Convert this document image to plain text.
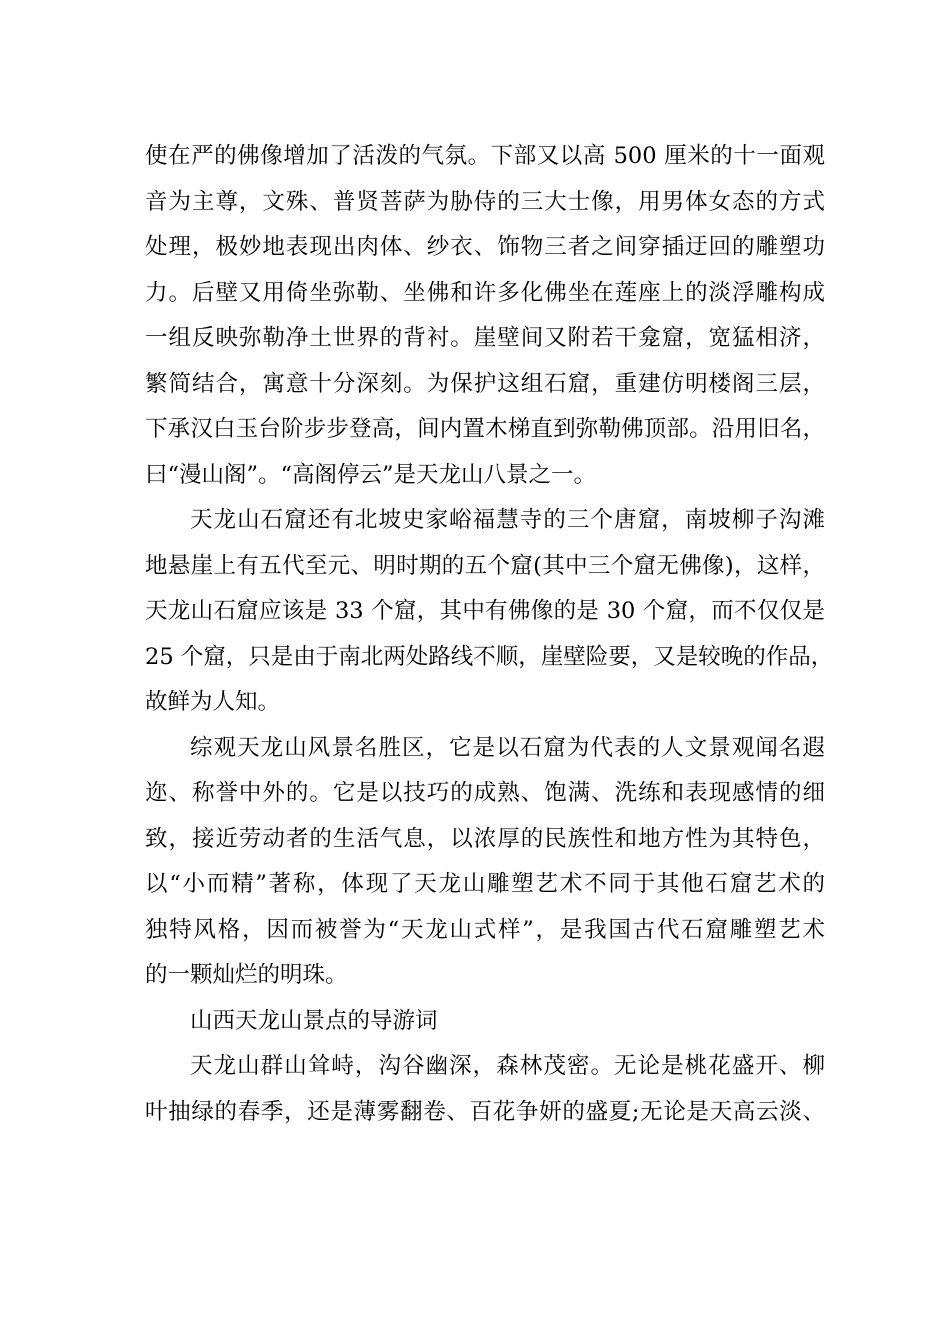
使在严的佛像增加了活泼的气氛。下部又以高 500 厘米的十一面观
音为主尊，文殊、普贤菩萨为胁侍的三大士像，用男体女态的方式
处理，极妙地表现出肉体、纱衣、饰物三者之间穿插迂回的雕塑功
力。后壁又用倚坐弥勒、坐佛和许多化佛坐在莲座上的淡浮雕构成
一组反映弥勒净土世界的背衬。崖壁间又附若干龛窟，宽猛相济，
繁简结合，寓意十分深刻。为保护这组石窟，重建仿明楼阁三层，
下承汉白玉台阶步步登高，间内置木梯直到弥勒佛顶部。沿用旧名，
曰“漫山阁”。“高阁停云”是天龙山八景之一。
天龙山石窟还有北坡史家峪福慧寺的三个唐窟，南坡柳子沟滩
地悬崖上有五代至元、明时期的五个窟(其中三个窟无佛像)，这样，
天龙山石窟应该是 33 个窟，其中有佛像的是 30 个窟，而不仅仅是
25 个窟，只是由于南北两处路线不顺，崖壁险要，又是较晚的作品，
故鲜为人知。
综观天龙山风景名胜区，它是以石窟为代表的人文景观闻名遐
迩、称誉中外的。它是以技巧的成熟、饱满、洗练和表现感情的细
致，接近劳动者的生活气息，以浓厚的民族性和地方性为其特色，
以“小而精”著称，体现了天龙山雕塑艺术不同于其他石窟艺术的
独特风格，因而被誉为“天龙山式样”，是我国古代石窟雕塑艺术
的一颗灿烂的明珠。
山西天龙山景点的导游词
天龙山群山耸峙，沟谷幽深，森林茂密。无论是桃花盛开、柳
叶抽绿的春季，还是薄雾翻卷、百花争妍的盛夏;无论是天高云淡、
